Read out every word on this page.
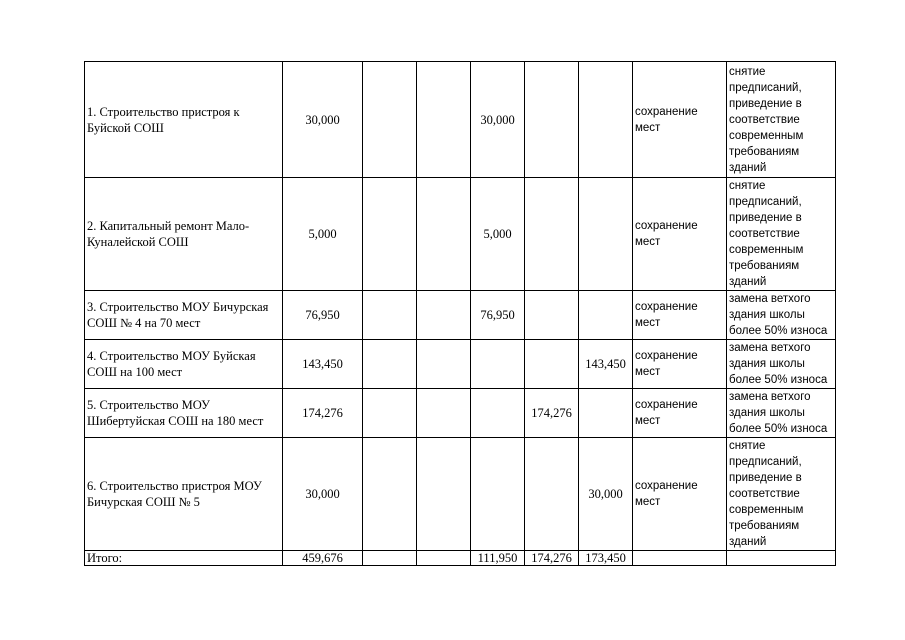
1. Строительство пристроя к Буйской СОШ	30,000			30,000			сохранение мест	снятие предписаний, приведение в соответствие современным требованиям зданий
2. Капитальный ремонт Мало-Куналейской СОШ	5,000			5,000			сохранение мест	снятие предписаний, приведение в соответствие современным требованиям зданий
3. Строительство МОУ Бичурская СОШ № 4 на 70 мест	76,950			76,950			сохранение мест	замена ветхого здания школы более 50% износа
4. Строительство МОУ Буйская СОШ на 100 мест	143,450					143,450	сохранение мест	замена ветхого здания школы более 50% износа
5. Строительство МОУ Шибертуйская СОШ на 180 мест	174,276				174,276		сохранение мест	замена ветхого здания школы более 50% износа
6. Строительство пристроя МОУ Бичурская СОШ № 5	30,000					30,000	сохранение мест	снятие предписаний, приведение в соответствие современным требованиям зданий
Итого:	459,676			111,950	174,276	173,450		
